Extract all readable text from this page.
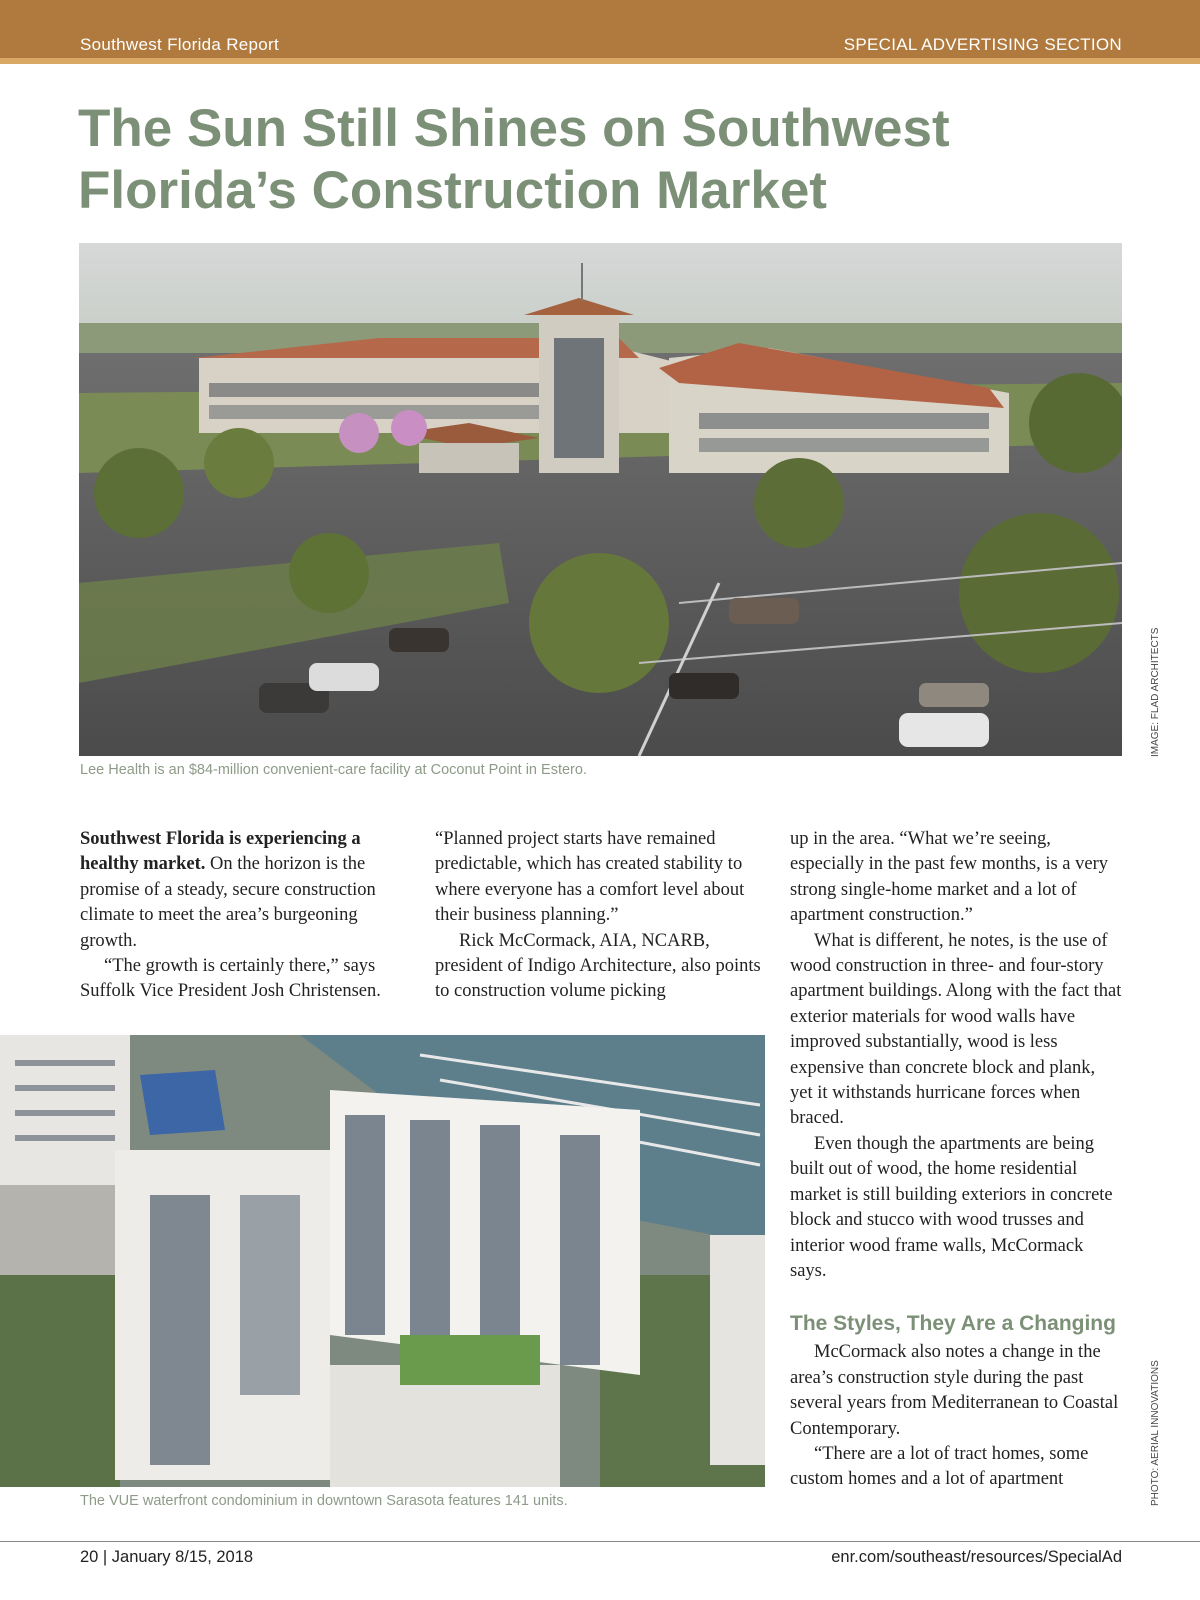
Southwest Florida Report	SPECIAL ADVERTISING SECTION
The Sun Still Shines on Southwest
Florida’s Construction Market
IMAGE: FLAD ARCHITECTS
Lee Health is an $84-million convenient-care facility at Coconut Point in Estero.

Southwest Florida is experiencing a healthy market. On the horizon is the promise of a steady, secure construction climate to meet the area’s burgeoning growth.

“The growth is certainly there,” says Suffolk Vice President Josh Christensen.

“Planned project starts have remained predictable, which has created stability to where everyone has a comfort level about their business planning.”

Rick McCormack, AIA, NCARB, president of Indigo Architecture, also points to construction volume picking

up in the area. “What we’re seeing, especially in the past few months, is a very strong single-home market and a lot of apartment construction.”

What is different, he notes, is the use of wood construction in three- and four-story apartment buildings. Along with the fact that exterior materials for wood walls have improved substantially, wood is less expensive than concrete block and plank, yet it withstands hurricane forces when braced.

Even though the apartments are being built out of wood, the home residential market is still building exteriors in concrete block and stucco with wood trusses and interior wood frame walls, McCormack says.

The Styles, They Are a Changing

McCormack also notes a change in the area’s construction style during the past several years from Mediterranean to Coastal Contemporary.

“There are a lot of tract homes, some custom homes and a lot of apartment

The VUE waterfront condominium in downtown Sarasota features 141 units.	PHOTO: AERIAL INNOVATIONS
20 | January 8/15, 2018	enr.com/southeast/resources/SpecialAd
